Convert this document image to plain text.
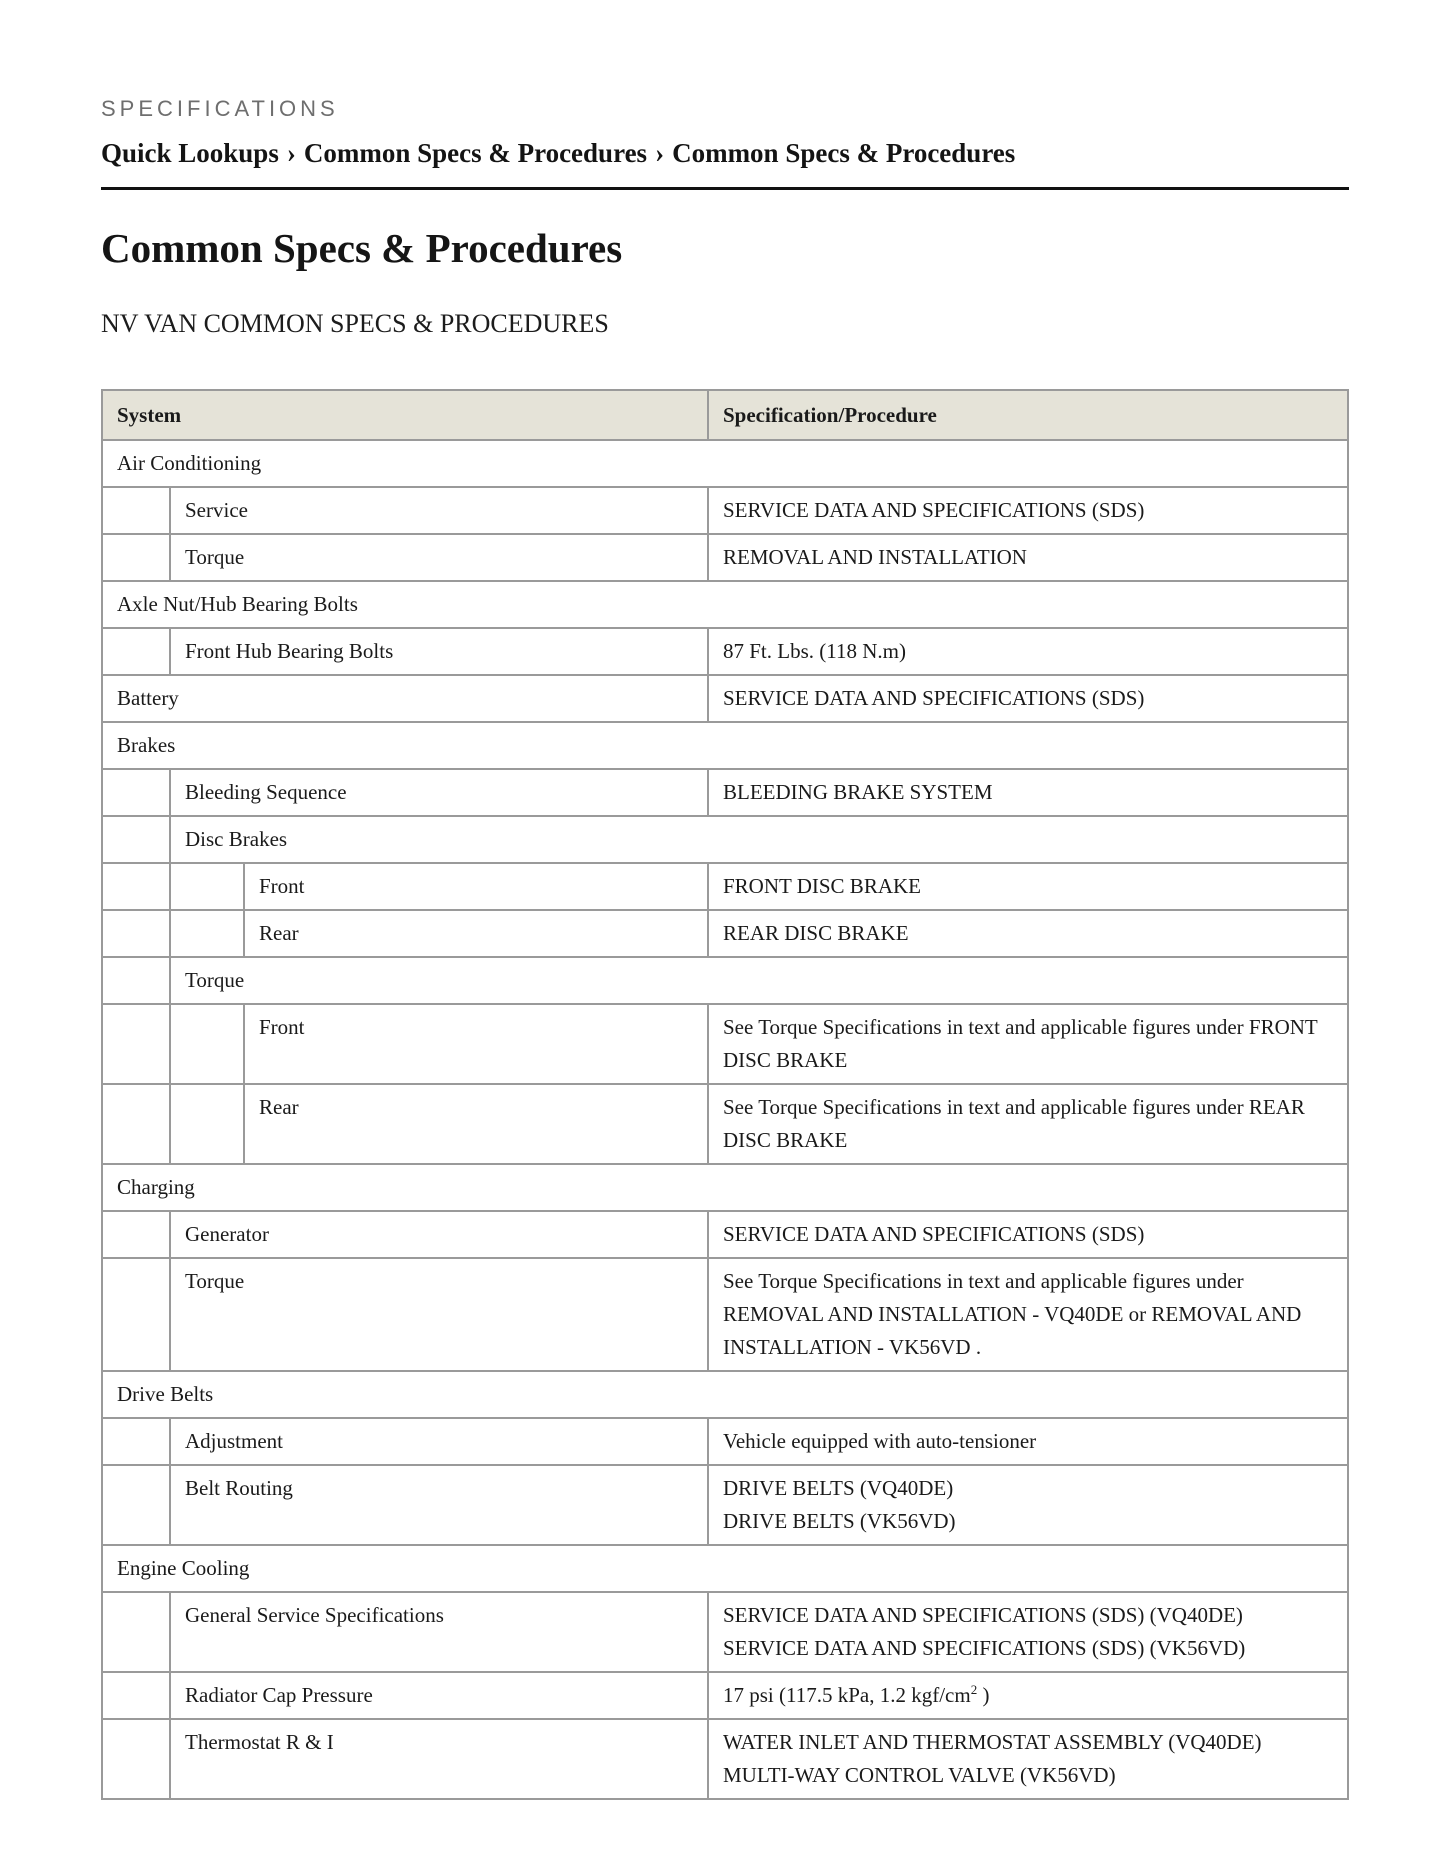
SPECIFICATIONS
Quick Lookups › Common Specs & Procedures › Common Specs & Procedures
Common Specs & Procedures
NV VAN COMMON SPECS & PROCEDURES
System			Specification/Procedure
Air Conditioning			
	Service		SERVICE DATA AND SPECIFICATIONS (SDS)

	Torque		REMOVAL AND INSTALLATION

Axle Nut/Hub Bearing Bolts			
	Front Hub Bearing Bolts		87 Ft. Lbs. (118 N.m)

Battery			SERVICE DATA AND SPECIFICATIONS (SDS)

Brakes			
	Bleeding Sequence		BLEEDING BRAKE SYSTEM

	Disc Brakes		
		Front	FRONT DISC BRAKE

		Rear	REAR DISC BRAKE

	Torque		
		Front	See Torque Specifications in text and applicable figures under FRONT DISC BRAKE

		Rear	See Torque Specifications in text and applicable figures under REAR DISC BRAKE

Charging			
	Generator		SERVICE DATA AND SPECIFICATIONS (SDS)

	Torque		See Torque Specifications in text and applicable figures under REMOVAL AND INSTALLATION - VQ40DE or REMOVAL AND INSTALLATION - VK56VD .

Drive Belts			
	Adjustment		Vehicle equipped with auto-tensioner

	Belt Routing		DRIVE BELTS (VQ40DE)
DRIVE BELTS (VK56VD)

Engine Cooling			
	General Service Specifications		SERVICE DATA AND SPECIFICATIONS (SDS) (VQ40DE)
SERVICE DATA AND SPECIFICATIONS (SDS) (VK56VD)

	Radiator Cap Pressure		17 psi (117.5 kPa, 1.2 kgf/$cm^2$ )
	Thermostat R & I		WATER INLET AND THERMOSTAT ASSEMBLY (VQ40DE)
MULTI-WAY CONTROL VALVE (VK56VD)
